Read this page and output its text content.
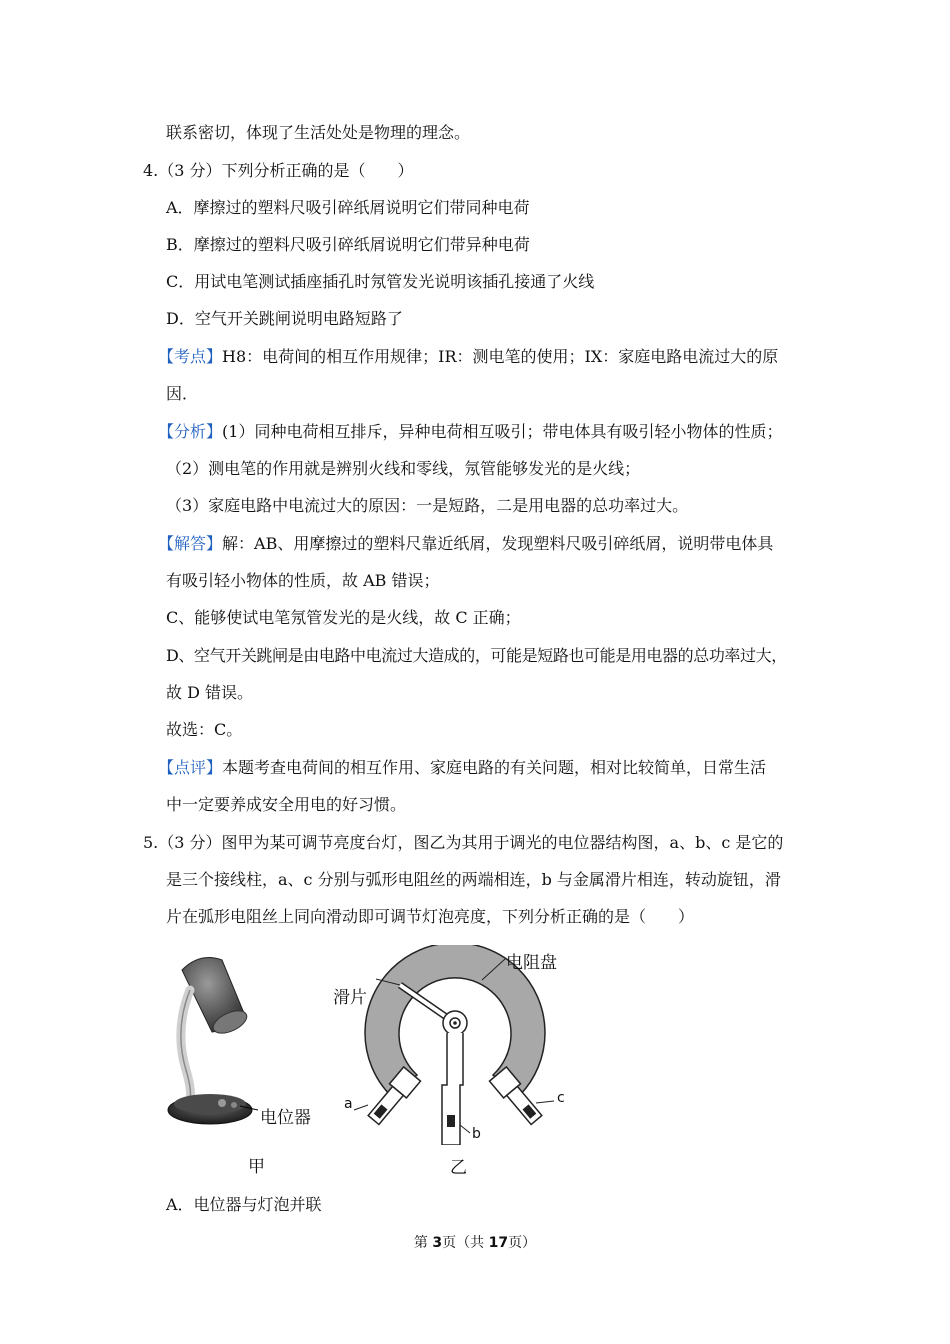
联系密切，体现了生活处处是物理的理念。
4.（3 分）下列分析正确的是（　　）
A．摩擦过的塑料尺吸引碎纸屑说明它们带同种电荷
B．摩擦过的塑料尺吸引碎纸屑说明它们带异种电荷
C．用试电笔测试插座插孔时氖管发光说明该插孔接通了火线
D．空气开关跳闸说明电路短路了
【考点】H8：电荷间的相互作用规律；IR：测电笔的使用；IX：家庭电路电流过大的原
因．
【分析】(1）同种电荷相互排斥，异种电荷相互吸引；带电体具有吸引轻小物体的性质；
（2）测电笔的作用就是辨别火线和零线，氖管能够发光的是火线；
（3）家庭电路中电流过大的原因：一是短路，二是用电器的总功率过大。
【解答】解：AB、用摩擦过的塑料尺靠近纸屑，发现塑料尺吸引碎纸屑，说明带电体具
有吸引轻小物体的性质，故 AB 错误；
C、能够使试电笔氖管发光的是火线，故 C 正确；
D、空气开关跳闸是由电路中电流过大造成的，可能是短路也可能是用电器的总功率过大，
故 D 错误。
故选：C。
【点评】本题考查电荷间的相互作用、家庭电路的有关问题，相对比较简单，日常生活
中一定要养成安全用电的好习惯。
5.（3 分）图甲为某可调节亮度台灯，图乙为其用于调光的电位器结构图，a、b、c 是它的
是三个接线柱，a、c 分别与弧形电阻丝的两端相连，b 与金属滑片相连，转动旋钮，滑
片在弧形电阻丝上同向滑动即可调节灯泡亮度，下列分析正确的是（　　）
电位器
甲
电阻盘
滑片
a
b
c
乙
A．电位器与灯泡并联
第 3页（共 17页）
